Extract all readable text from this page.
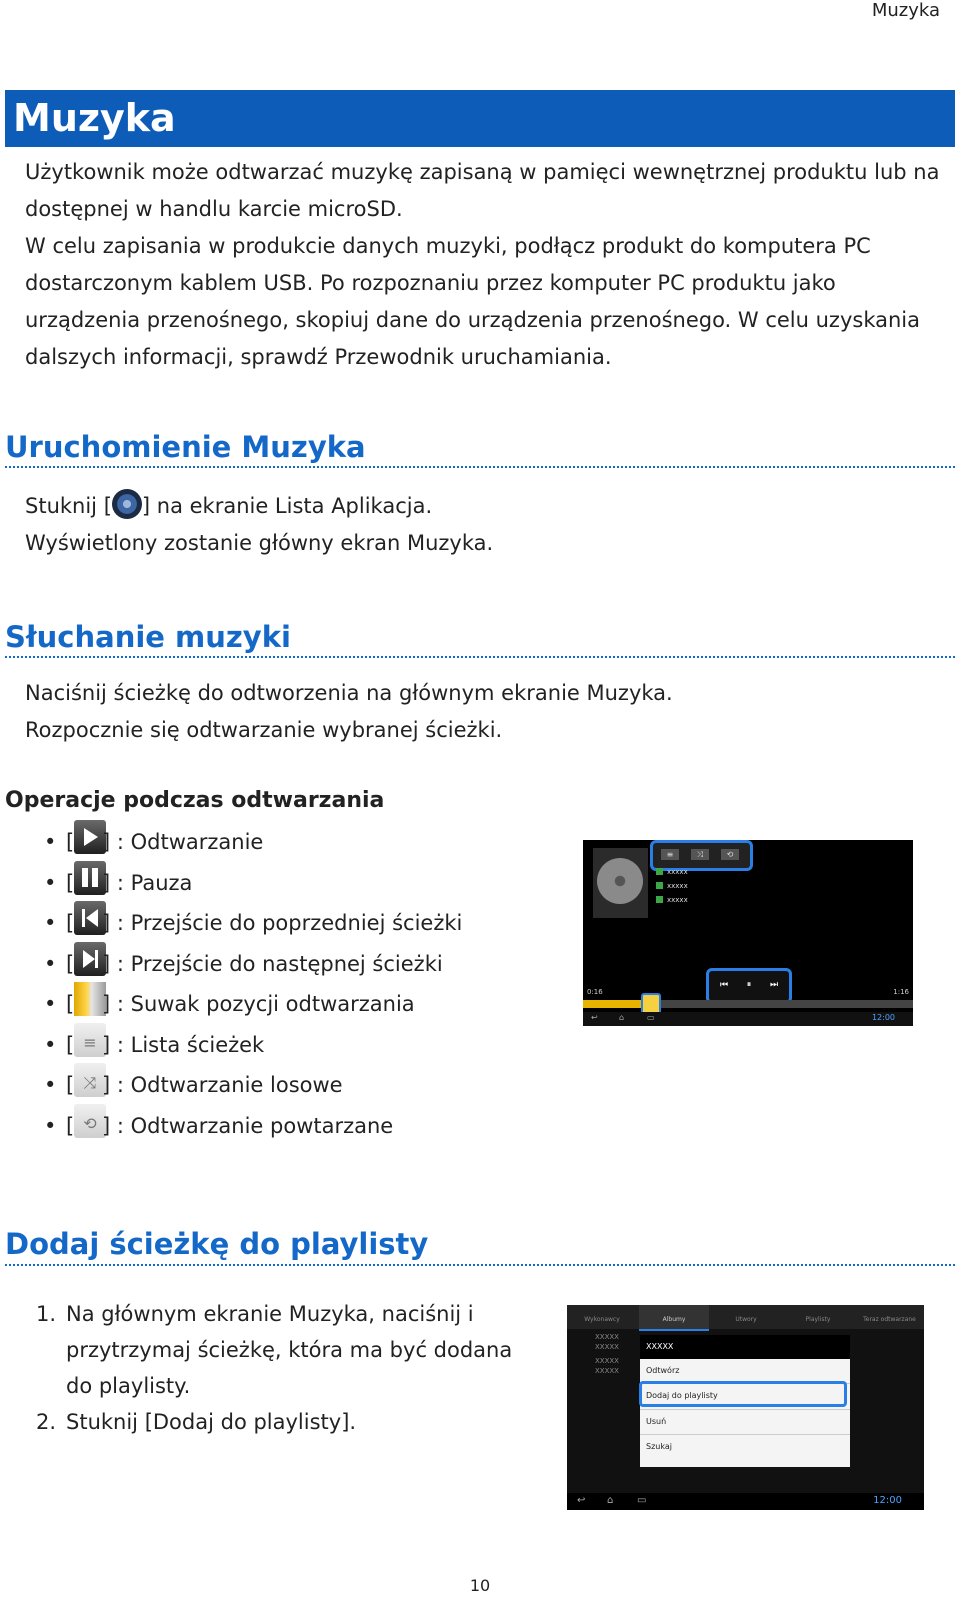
Muzyka
Muzyka
Użytkownik może odtwarzać muzykę zapisaną w pamięci wewnętrznej produktu lub na
dostępnej w handlu karcie microSD.
W celu zapisania w produkcie danych muzyki, podłącz produkt do komputera PC
dostarczonym kablem USB. Po rozpoznaniu przez komputer PC produktu jako
urządzenia przenośnego, skopiuj dane do urządzenia przenośnego. W celu uzyskania
dalszych informacji, sprawdź Przewodnik uruchamiania.
Uruchomienie Muzyka
Stuknij [ ] na ekranie Lista Aplikacja.
Wyświetlony zostanie główny ekran Muzyka.
Słuchanie muzyki
Naciśnij ścieżkę do odtworzenia na głównym ekranie Muzyka.
Rozpocznie się odtwarzanie wybranej ścieżki.
Operacje podczas odtwarzania
• [ ] : Odtwarzanie
• [ ] : Pauza
• [ ] : Przejście do poprzedniej ścieżki
• [ ] : Przejście do następnej ścieżki
• [ ] : Suwak pozycji odtwarzania
• [ ≡ ] : Lista ścieżek
• [ ⤨ ] : Odtwarzanie losowe
• [ ⟲ ] : Odtwarzanie powtarzane
≡	⤨	⟲
xxxxx
xxxxx
xxxxx
⏮	⏸	⏭
0:16	1:16
↩	⌂	▭	12:00
Dodaj ścieżkę do playlisty
1. Na głównym ekranie Muzyka, naciśnij i przytrzymaj ścieżkę, która ma być dodana do playlisty.
2. Stuknij [Dodaj do playlisty].
Wykonawcy	Albumy	Utwory	Playlisty	Teraz odtwarzane
XXXXX
XXXXX
XXXXX
XXXXX
XXXXX
Odtwórz
Dodaj do playlisty
Usuń
Szukaj
↩ ⌂ ▭	12:00
10
